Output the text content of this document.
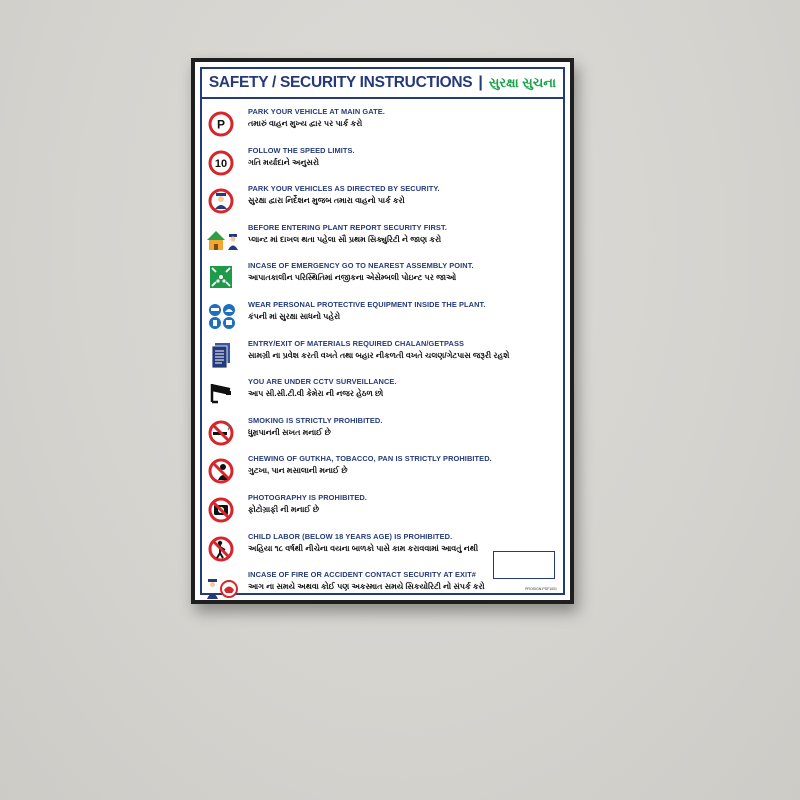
SAFETY / SECURITY INSTRUCTIONS | સુરક્ષા સુચના
P
PARK YOUR VEHICLE AT MAIN GATE.
તમારું વાહન મુખ્ય દ્વાર પર પાર્ક કરો
10
FOLLOW THE SPEED LIMITS.
ગતિ મર્યાદાને અનુસરો
PARK YOUR VEHICLES AS DIRECTED BY SECURITY.
સુરક્ષા દ્વારા નિર્દેશન મુજબ તમારા વાહનો પાર્ક કરો
BEFORE ENTERING PLANT REPORT SECURITY FIRST.
પ્લાન્ટ માં દાખલ થતા પહેલા સૌ પ્રથમ સિક્યુરિટી ને જાણ કરો
INCASE OF EMERGENCY GO TO NEAREST ASSEMBLY POINT.
આપાતકાલીન પરિસ્થિતિમાં નજીકના એસેમ્બલી પોઇન્ટ પર જાઓ
WEAR PERSONAL PROTECTIVE EQUIPMENT INSIDE THE PLANT.
કંપની માં સુરક્ષા સાધનો પહેરો
ENTRY/EXIT OF MATERIALS REQUIRED CHALAN/GETPASS
સામગ્રી ના પ્રવેશ કરતી વખતે તથા બહાર નીકળતી વખતે ચલણ/ગેટપાસ જરૂરી રહશે
YOU ARE UNDER CCTV SURVEILLANCE.
આપ સી.સી.ટી.વી કેમેરા ની નજર હેઠળ છો
SMOKING IS STRICTLY PROHIBITED.
ધુમ્રપાનની સખત મનાઈ છે
CHEWING OF GUTKHA, TOBACCO, PAN IS STRICTLY PROHIBITED.
ગુટખા, પાન મસાલાની મનાઈ છે
PHOTOGRAPHY IS PROHIBITED.
ફોટોગ્રાફી ની મનાઈ છે
CHILD LABOR (BELOW 18 YEARS AGE) IS PROHIBITED.
અહિયા ૧૮ વર્ષથી નીચેના વયના બાળકો પાસે કામ કરાવવામાં આવતું નથી
INCASE OF FIRE OR ACCIDENT CONTACT SECURITY AT EXIT#
આગ ના સમયે અથવા કોઈ પણ અકસ્માત સમયે સિકયોરિટી નો સંપર્ક કરો	PROSIGN-PSF1001
